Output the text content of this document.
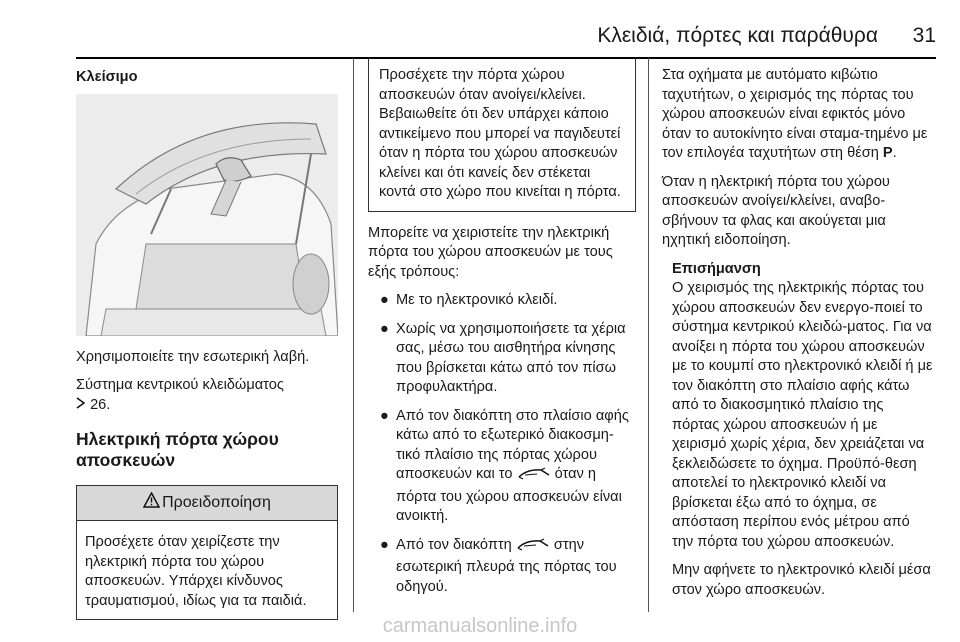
Κλειδιά, πόρτες και παράθυρα 31
Κλείσιμο

Χρησιμοποιείτε την εσωτερική λαβή.

Σύστημα κεντρικού κλειδώματος
26.

Ηλεκτρική πόρτα χώρου αποσκευών
Προειδοποίηση
Προσέχετε όταν χειρίζεστε την ηλεκτρική πόρτα του χώρου αποσκευών. Υπάρχει κίνδυνος τραυματισμού, ιδίως για τα παιδιά.
Προσέχετε την πόρτα χώρου αποσκευών όταν ανοίγει/κλείνει. Βεβαιωθείτε ότι δεν υπάρχει κάποιο αντικείμενο που μπορεί να παγιδευτεί όταν η πόρτα του χώρου αποσκευών κλείνει και ότι κανείς δεν στέκεται κοντά στο χώρο που κινείται η πόρτα.

Μπορείτε να χειριστείτε την ηλεκτρική πόρτα του χώρου αποσκευών με τους εξής τρόπους:

● Με το ηλεκτρονικό κλειδί.
● Χωρίς να χρησιμοποιήσετε τα χέρια σας, μέσω του αισθητήρα κίνησης που βρίσκεται κάτω από τον πίσω προφυλακτήρα.
● Από τον διακόπτη στο πλαίσιο αφής κάτω από το εξωτερικό διακοσμη-τικό πλαίσιο της πόρτας χώρου αποσκευών και το	όταν η πόρτα του χώρου αποσκευών είναι ανοικτή.
● Από τον διακόπτη	στην εσωτερική πλευρά της πόρτας του οδηγού.

Στα οχήματα με αυτόματο κιβώτιο ταχυτήτων, ο χειρισμός της πόρτας του χώρου αποσκευών είναι εφικτός μόνο όταν το αυτοκίνητο είναι σταμα-τημένο με τον επιλογέα ταχυτήτων στη θέση P.

Όταν η ηλεκτρική πόρτα του χώρου αποσκευών ανοίγει/κλείνει, αναβο-σβήνουν τα φλας και ακούγεται μια ηχητική ειδοποίηση.

Επισήμανση

Ο χειρισμός της ηλεκτρικής πόρτας του χώρου αποσκευών δεν ενεργο-ποιεί το σύστημα κεντρικού κλειδώ-ματος. Για να ανοίξει η πόρτα του χώρου αποσκευών με το κουμπί στο ηλεκτρονικό κλειδί ή με τον διακόπτη στο πλαίσιο αφής κάτω από το διακοσμητικό πλαίσιο της πόρτας χώρου αποσκευών ή με χειρισμό χωρίς χέρια, δεν χρειάζεται να ξεκλειδώσετε το όχημα. Προϋπό-θεση αποτελεί το ηλεκτρονικό κλειδί να βρίσκεται έξω από το όχημα, σε απόσταση περίπου ενός μέτρου από την πόρτα του χώρου αποσκευών.

Μην αφήνετε το ηλεκτρονικό κλειδί μέσα στον χώρο αποσκευών.

carmanualsonline.info
